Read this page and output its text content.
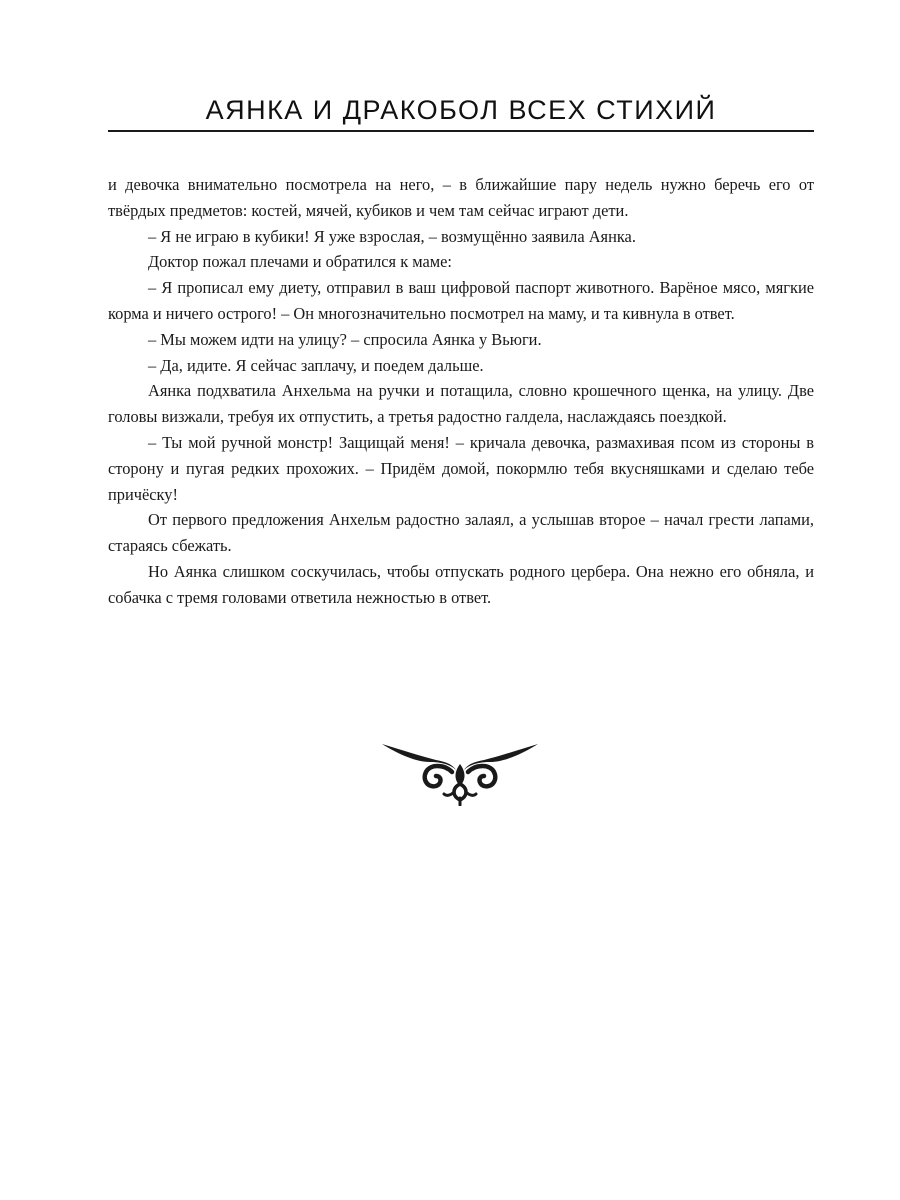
АЯНКА И ДРАКОБОЛ ВСЕХ СТИХИЙ

и девочка внимательно посмотрела на него, – в ближайшие пару недель нужно беречь его от твёрдых предметов: костей, мячей, кубиков и чем там сейчас играют дети.

– Я не играю в кубики! Я уже взрослая, – возмущённо заявила Аянка.

Доктор пожал плечами и обратился к маме:

– Я прописал ему диету, отправил в ваш цифровой паспорт животного. Варёное мясо, мягкие корма и ничего острого! – Он многозначительно посмотрел на маму, и та кивнула в ответ.

– Мы можем идти на улицу? – спросила Аянка у Вьюги.

– Да, идите. Я сейчас заплачу, и поедем дальше.

Аянка подхватила Анхельма на ручки и потащила, словно крошечного щенка, на улицу. Две головы визжали, требуя их отпустить, а третья радостно галдела, наслаждаясь поездкой.

– Ты мой ручной монстр! Защищай меня! – кричала девочка, размахивая псом из стороны в сторону и пугая редких прохожих. – Придём домой, покормлю тебя вкусняшками и сделаю тебе причёску!

От первого предложения Анхельм радостно залаял, а услышав второе – начал грести лапами, стараясь сбежать.

Но Аянка слишком соскучилась, чтобы отпускать родного цербера. Она нежно его обняла, и собачка с тремя головами ответила нежностью в ответ.
